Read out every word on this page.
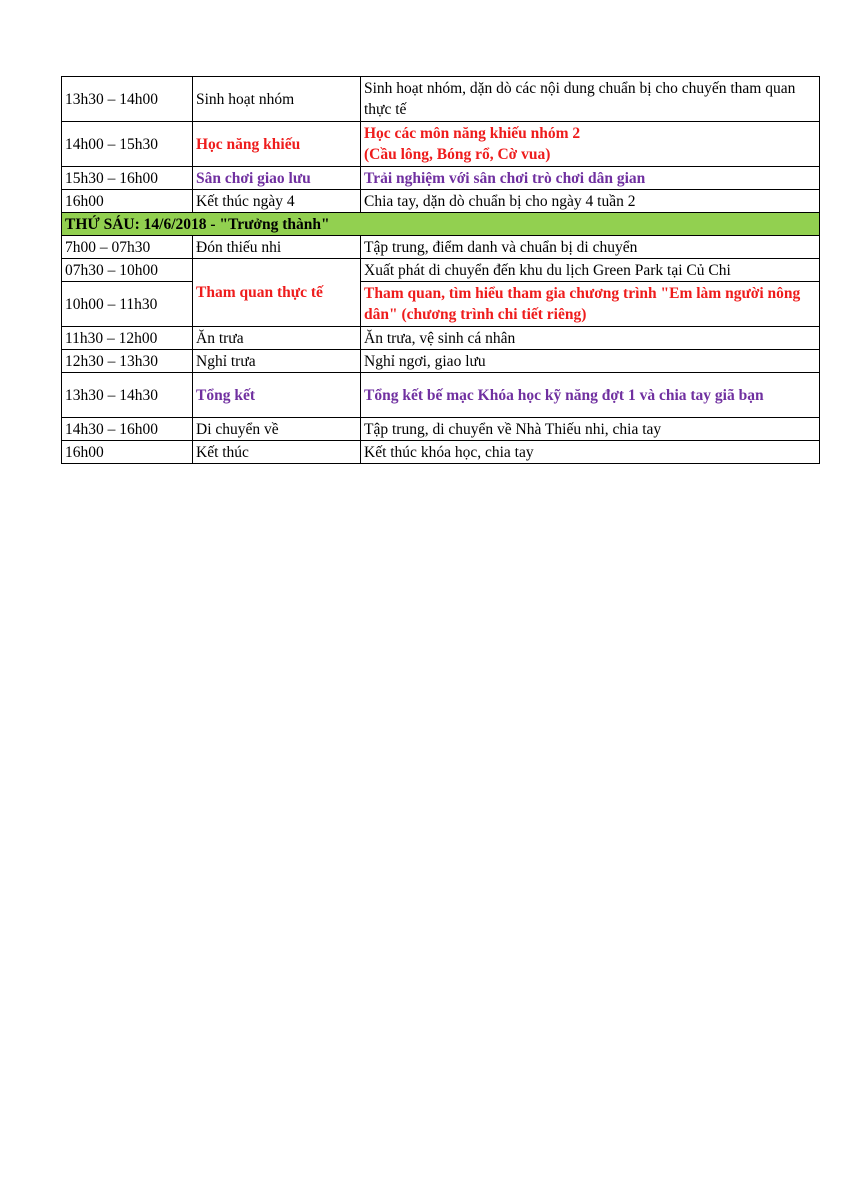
13h30 – 14h00	Sinh hoạt nhóm	Sinh hoạt nhóm, dặn dò các nội dung chuẩn bị cho chuyến tham quan thực tế
14h00 – 15h30	Học năng khiếu	Học các môn năng khiếu nhóm 2
(Cầu lông, Bóng rổ, Cờ vua)

15h30 – 16h00	Sân chơi giao lưu	Trải nghiệm với sân chơi trò chơi dân gian
16h00	Kết thúc ngày 4	Chia tay, dặn dò chuẩn bị cho ngày 4 tuần 2
THỨ SÁU: 14/6/2018 - "Trưởng thành"		
7h00 – 07h30	Đón thiếu nhi	Tập trung, điểm danh và chuẩn bị di chuyển
07h30 – 10h00	Tham quan thực tế	Xuất phát di chuyển đến khu du lịch Green Park tại Củ Chi
10h00 – 11h30		Tham quan, tìm hiểu tham gia chương trình "Em làm người nông dân" (chương trình chi tiết riêng)
11h30 – 12h00	Ăn trưa	Ăn trưa, vệ sinh cá nhân
12h30 – 13h30	Nghỉ trưa	Nghỉ ngơi, giao lưu
13h30 – 14h30	Tổng kết	Tổng kết bế mạc Khóa học kỹ năng đợt 1 và chia tay giã bạn
14h30 – 16h00	Di chuyển về	Tập trung, di chuyển về Nhà Thiếu nhi, chia tay
16h00	Kết thúc	Kết thúc khóa học, chia tay
